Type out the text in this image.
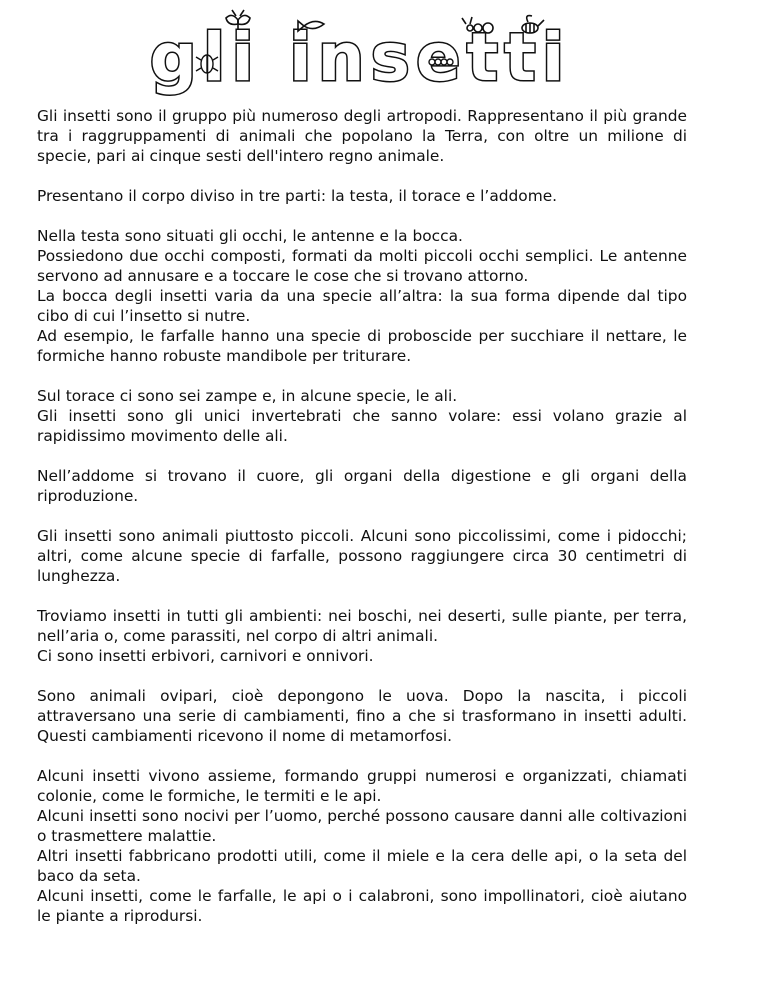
gli insetti

Gli insetti sono il gruppo più numeroso degli artropodi. Rappresentano il più grande tra i raggruppamenti di animali che popolano la Terra, con oltre un milione di specie, pari ai cinque sesti dell'intero regno animale.

Presentano il corpo diviso in tre parti: la testa, il torace e l’addome.

Nella testa sono situati gli occhi, le antenne e la bocca.
Possiedono due occhi composti, formati da molti piccoli occhi semplici. Le antenne servono ad annusare e a toccare le cose che si trovano attorno.
La bocca degli insetti varia da una specie all’altra: la sua forma dipende dal tipo cibo di cui l’insetto si nutre.
Ad esempio, le farfalle hanno una specie di proboscide per succhiare il nettare, le formiche hanno robuste mandibole per triturare.

Sul torace ci sono sei zampe e, in alcune specie, le ali.
Gli insetti sono gli unici invertebrati che sanno volare: essi volano grazie al rapidissimo movimento delle ali.

Nell’addome si trovano il cuore, gli organi della digestione e gli organi della riproduzione.

Gli insetti sono animali piuttosto piccoli. Alcuni sono piccolissimi, come i pidocchi; altri, come alcune specie di farfalle, possono raggiungere circa 30 centimetri di lunghezza.

Troviamo insetti in tutti gli ambienti: nei boschi, nei deserti, sulle piante, per terra, nell’aria o, come parassiti, nel corpo di altri animali.
Ci sono insetti erbivori, carnivori e onnivori.

Sono animali ovipari, cioè depongono le uova. Dopo la nascita, i piccoli attraversano una serie di cambiamenti, fino a che si trasformano in insetti adulti. Questi cambiamenti ricevono il nome di metamorfosi.

Alcuni insetti vivono assieme, formando gruppi numerosi e organizzati, chiamati colonie, come le formiche, le termiti e le api.
Alcuni insetti sono nocivi per l’uomo, perché possono causare danni alle coltivazioni o trasmettere malattie.
Altri insetti fabbricano prodotti utili, come il miele e la cera delle api, o la seta del baco da seta.
Alcuni insetti, come le farfalle, le api o i calabroni, sono impollinatori, cioè aiutano le piante a riprodursi.
